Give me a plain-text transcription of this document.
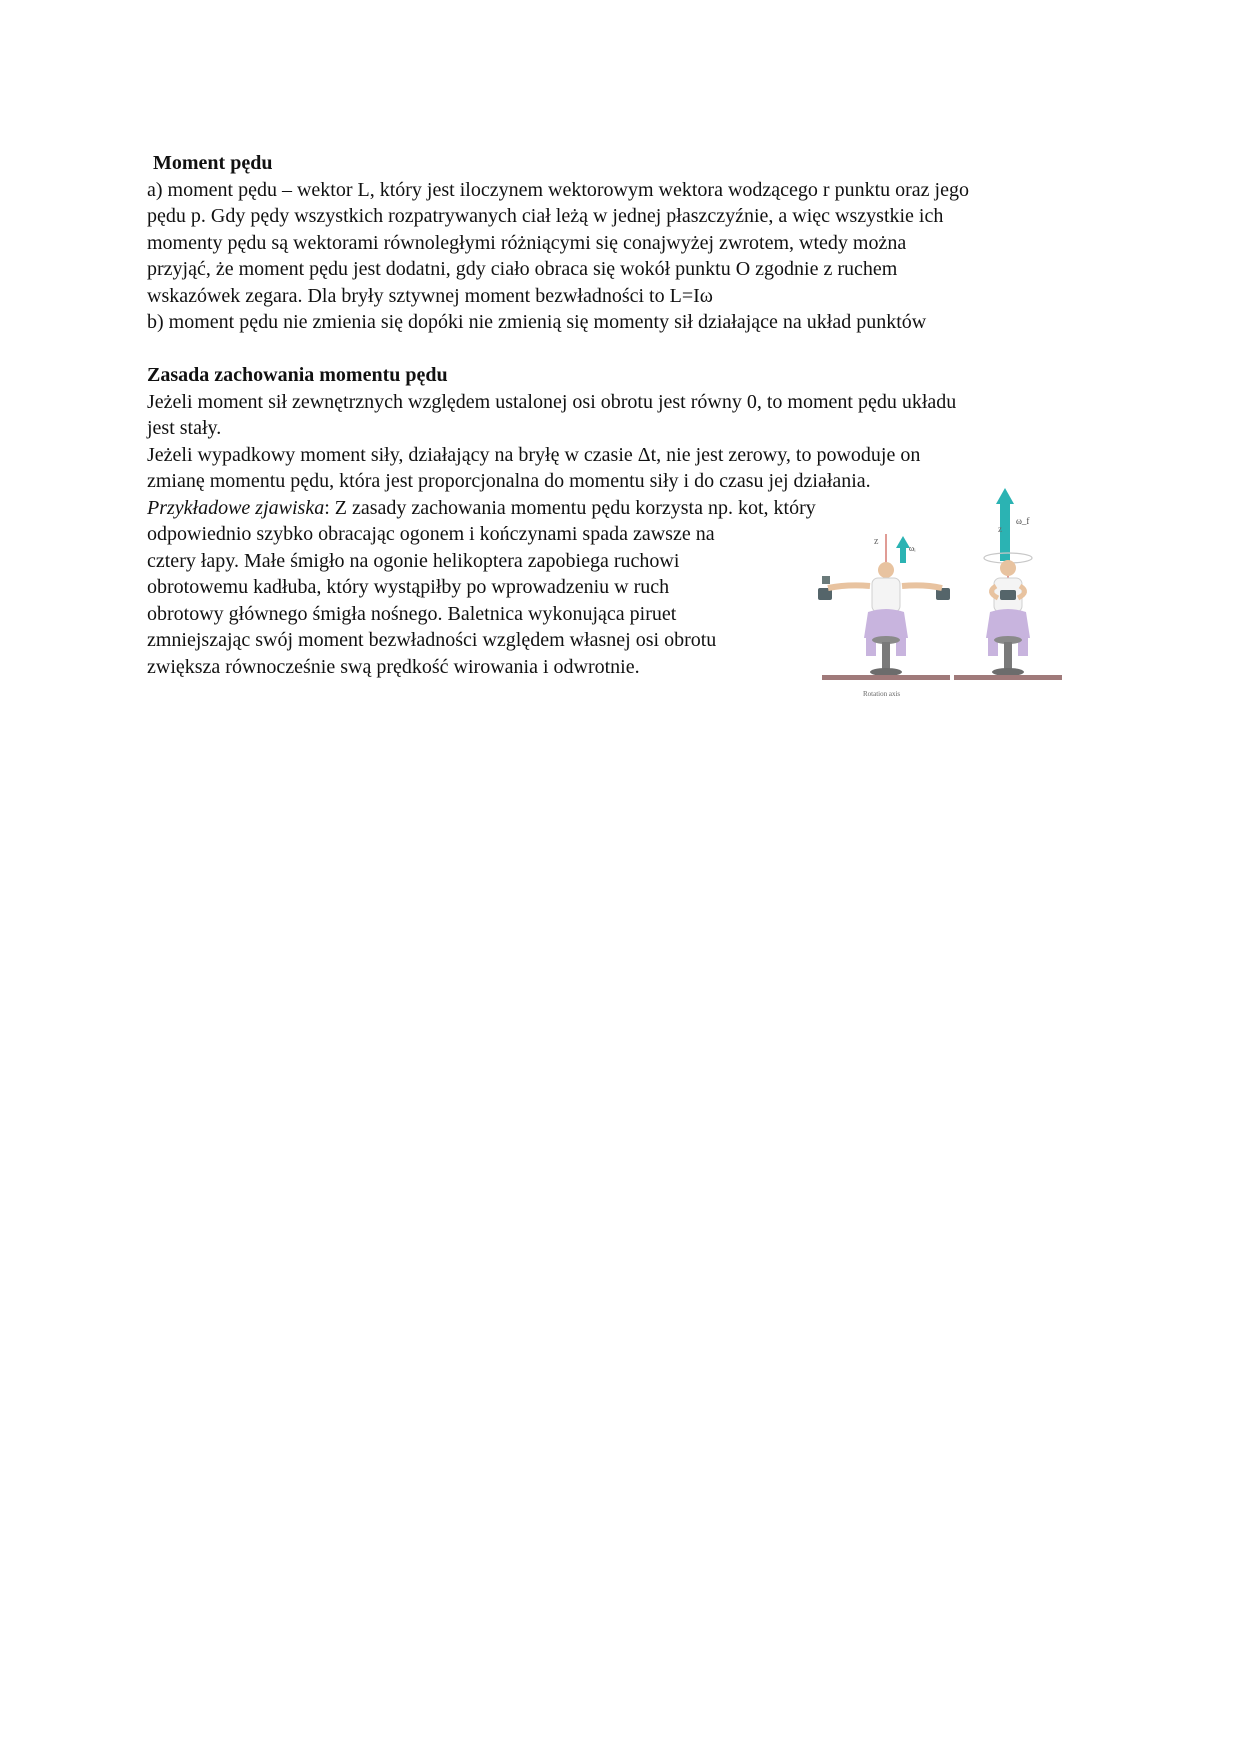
Moment pędu
a) moment pędu – wektor L, który jest iloczynem wektorowym wektora wodzącego r punktu oraz jego
pędu p. Gdy pędy wszystkich rozpatrywanych ciał leżą w jednej płaszczyźnie, a więc wszystkie ich
momenty pędu są wektorami równoległymi różniącymi się conajwyżej zwrotem, wtedy można
przyjąć, że moment pędu jest dodatni, gdy ciało obraca się wokół punktu O zgodnie z ruchem
wskazówek zegara. Dla bryły sztywnej moment bezwładności to L=Iω
b) moment pędu nie zmienia się dopóki nie zmienią się momenty sił działające na układ punktów
Zasada zachowania momentu pędu
Jeżeli moment sił zewnętrznych względem ustalonej osi obrotu jest równy 0, to moment pędu układu
jest stały.
Jeżeli wypadkowy moment siły, działający na bryłę w czasie Δt, nie jest zerowy, to powoduje on
zmianę momentu pędu, która jest proporcjonalna do momentu siły i do czasu jej działania.
Przykładowe zjawiska: Z zasady zachowania momentu pędu korzysta np. kot, który
odpowiednio szybko obracając ogonem i kończynami spada zawsze na
cztery łapy. Małe śmigło na ogonie helikoptera zapobiega ruchowi
obrotowemu kadłuba, który wystąpiłby po wprowadzeniu w ruch
obrotowy głównego śmigła nośnego. Baletnica wykonująca piruet
zmniejszając swój moment bezwładności względem własnej osi obrotu
zwiększa równocześnie swą prędkość wirowania i odwrotnie.
z
ωᵢ
Rotation axis
ω_f
z
